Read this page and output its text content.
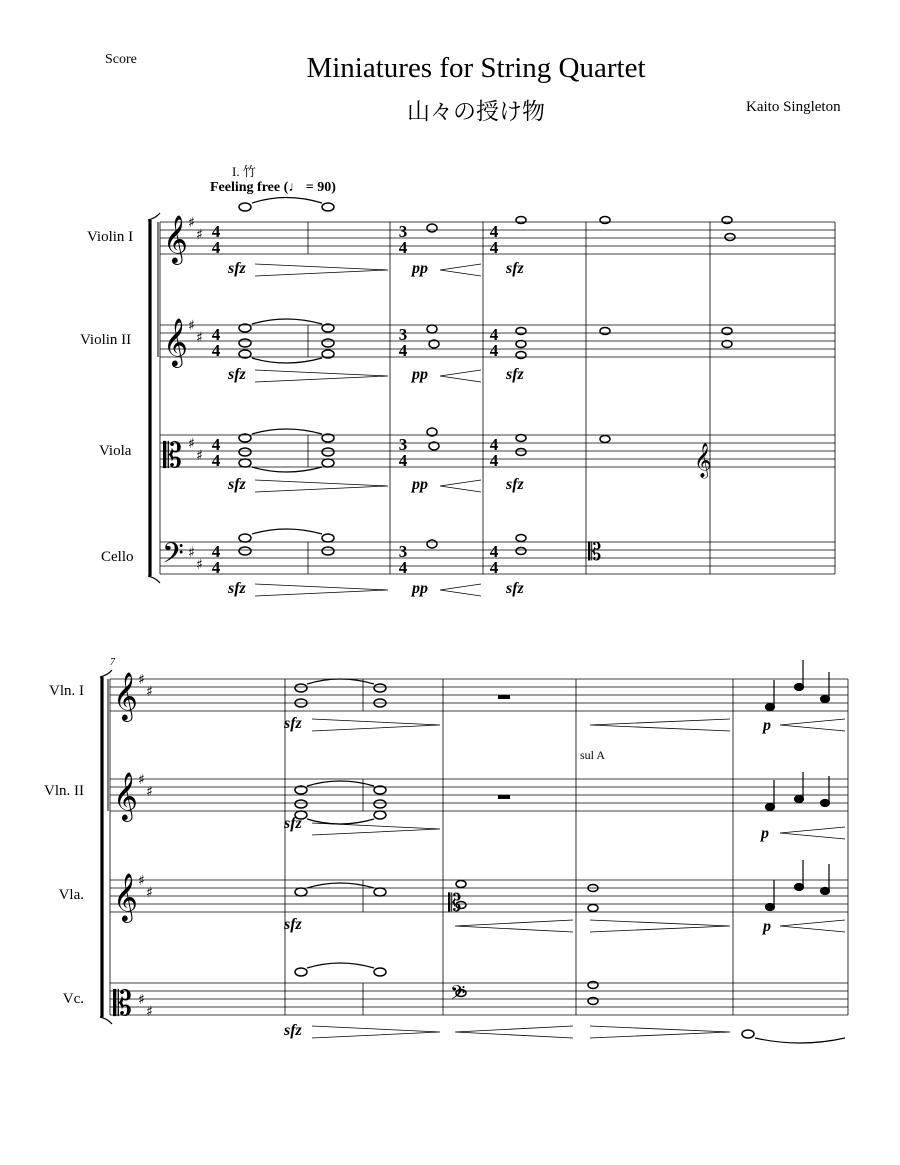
Score	Miniatures for String Quartet
山々の授け物	Kaito Singleton
I. 竹
Feeling free (♩ = 90)
Violin I
Violin II
Viola
Cello
Vln. I
Vln. II
Vla.
Vc.
7
sfz	pp	sfz
sfz	pp	sfz
sfz	pp	sfz
sfz	pp	sfz
sfz	p
sfz
p
sfz	p
sfz
sul A
𝄞
𝄞
𝄡
𝄢
𝄞
𝄞
𝄞
𝄡
𝄞
𝄡
𝄡
𝄢
♯
♯
♯
♯
♯
♯
♯
♯
♯
♯
♯
♯
♯
♯
♯
♯
4
4
4
4
4
4
4
4
3
4
3
4
3
4
3
4
4
4
4
4
4
4
4
4
